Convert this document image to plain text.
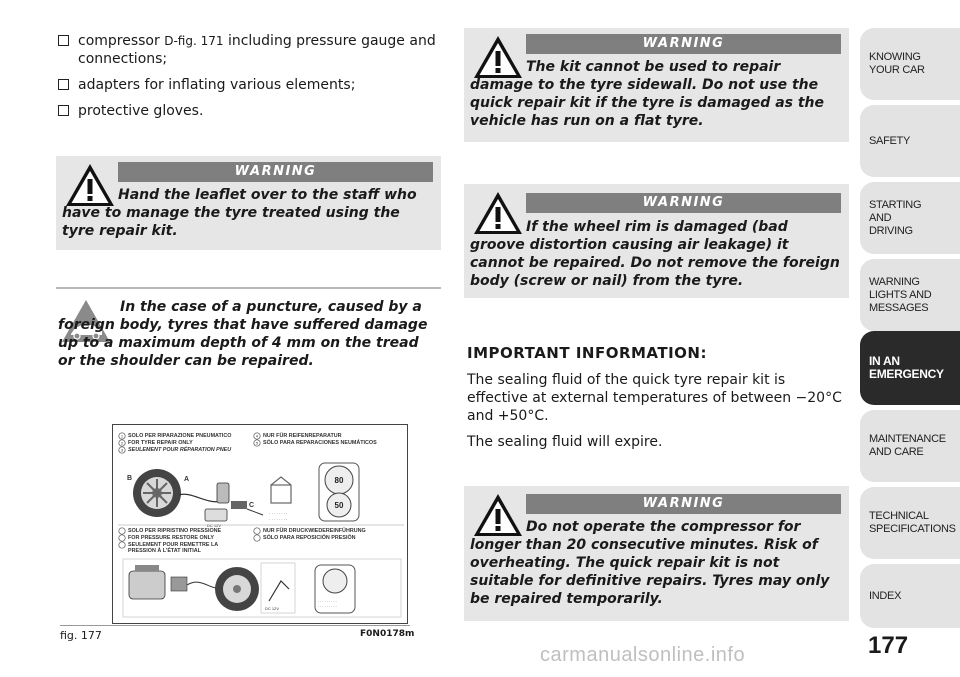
compressor D-fig. 171 including pressure gauge and connections;
adapters for inflating various elements;
protective gloves.
WARNING
Hand the leaflet over to the staff who have to manage the tyre treated using the tyre repair kit.
In the case of a puncture, caused by a foreign body, tyres that have suffered damage up to a maximum depth of 4 mm on the tread or the shoulder can be repaired.
1 SOLO PER RIPARAZIONE PNEUMATICO
2 FOR TYRE REPAIR ONLY
3 SEULEMENT POUR RÉPARATION PNEU
4 NUR FÜR REIFENREPARATUR
5 SÓLO PARA REPARACIONES NEUMÁTICOS
B	A
DC 12V
C
· · · · · · · ·
· · · · · · · ·
80
50
SOLO PER RIPRISTINO PRESSIONE
FOR PRESSURE RESTORE ONLY
SEULEMENT POUR REMETTRE LA
PRESSION À L'ÉTAT INITIAL
NUR FÜR DRUCKWIEDEREINFÜHRUNG
SÓLO PARA REPOSICIÓN PRESIÓN
DC 12V
· · · · · · · · ·
· · · · · · · · ·
fig. 177	F0N0178m
WARNING
The kit cannot be used to repair damage to the tyre sidewall. Do not use the quick repair kit if the tyre is damaged as the vehicle has run on a flat tyre.
WARNING
If the wheel rim is damaged (bad groove distortion causing air leakage) it cannot be repaired. Do not remove the foreign body (screw or nail) from the tyre.
IMPORTANT INFORMATION:

The sealing fluid of the quick tyre repair kit is effective at external temperatures of between −20°C and +50°C.

The sealing fluid will expire.

WARNING
Do not operate the compressor for longer than 20 consecutive minutes. Risk of overheating. The quick repair kit is not suitable for definitive repairs. Tyres may only be repaired temporarily.
KNOWING
YOUR CAR
SAFETY
STARTING
AND
DRIVING
WARNING
LIGHTS AND
MESSAGES
IN AN
EMERGENCY
MAINTENANCE
AND CARE
TECHNICAL
SPECIFICATIONS
INDEX
177
carmanualsonline.info
